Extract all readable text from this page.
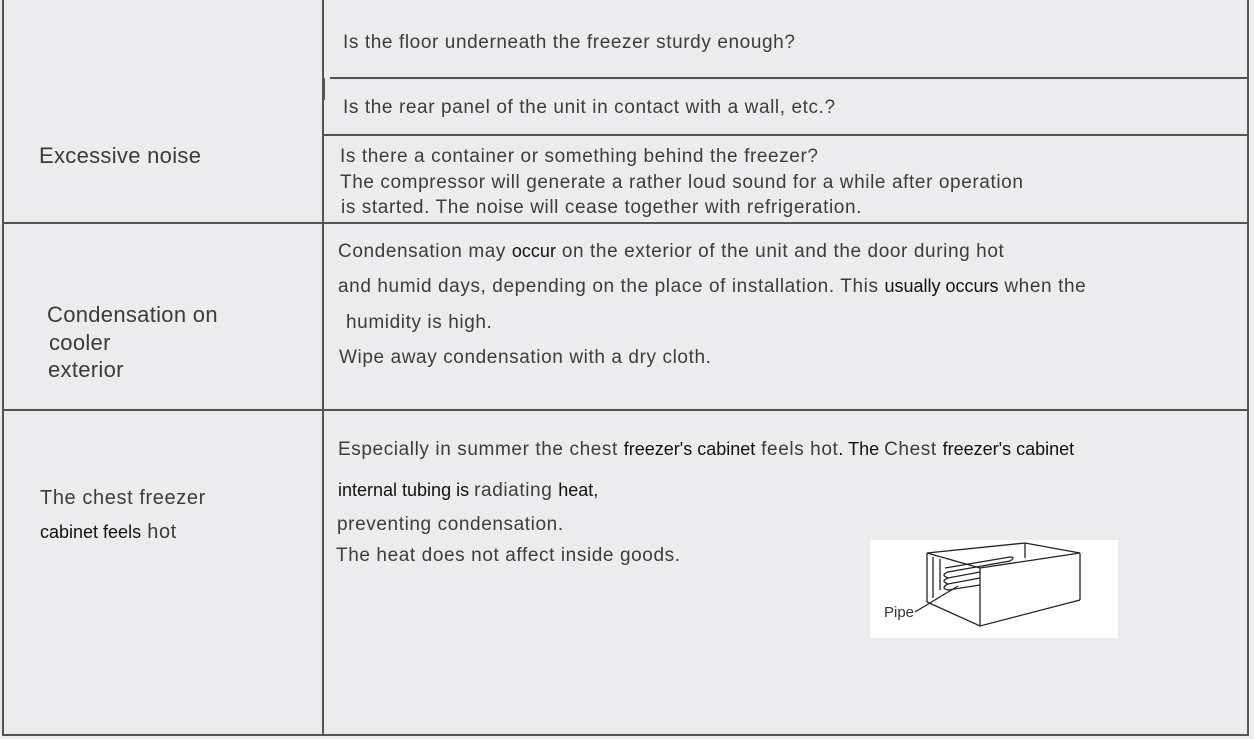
Excessive noise
Is the floor underneath the freezer sturdy enough?
Is the rear panel of the unit in contact with a wall, etc.?
Is there a container or something behind the freezer?
The compressor will generate a rather loud sound for a while after operation
is started. The noise will cease together with refrigeration.
Condensation on
cooler
exterior
Condensation may occur on the exterior of the unit and the door during hot
and humid days, depending on the place of installation. This usually occurs when the
humidity is high.
Wipe away condensation with a dry cloth.
The chest freezer
cabinet feels hot
Especially in summer the chest freezer's cabinet feels hot. The Chest freezer's cabinet
internal tubing is radiating heat,
preventing condensation.
The heat does not affect inside goods.
Pipe
